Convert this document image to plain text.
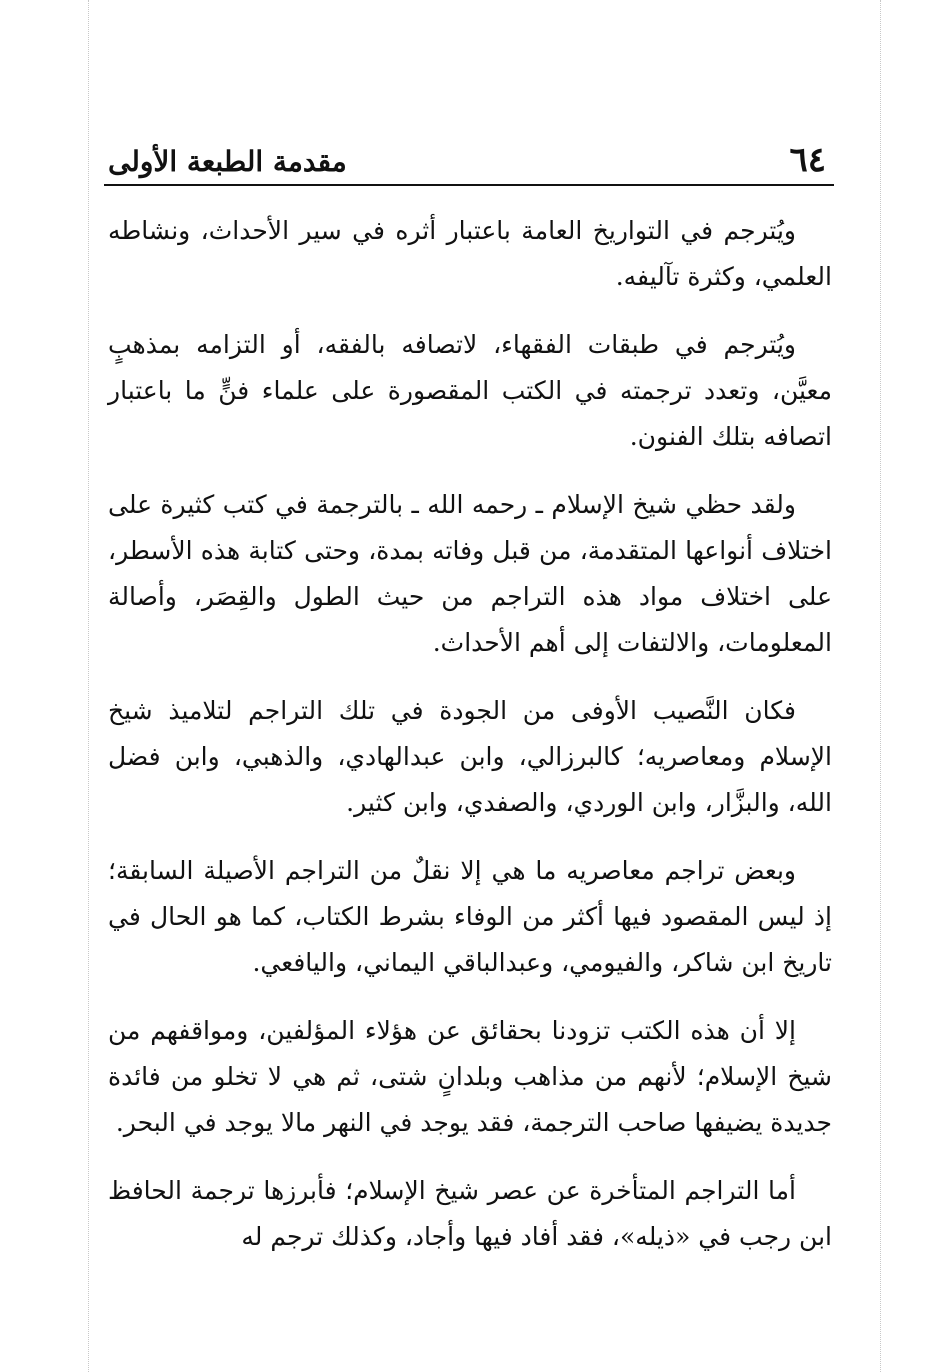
٦٤
مقدمة الطبعة الأولى

ويُترجم في التواريخ العامة باعتبار أثره في سير الأحداث، ونشاطه العلمي، وكثرة تآليفه.

ويُترجم في طبقات الفقهاء، لاتصافه بالفقه، أو التزامه بمذهبٍ معيَّن، وتعدد ترجمته في الكتب المقصورة على علماء فنٍّ ما باعتبار اتصافه بتلك الفنون.

ولقد حظي شيخ الإسلام ـ رحمه الله ـ بالترجمة في كتب كثيرة على اختلاف أنواعها المتقدمة، من قبل وفاته بمدة، وحتى كتابة هذه الأسطر، على اختلاف مواد هذه التراجم من حيث الطول والقِصَر، وأصالة المعلومات، والالتفات إلى أهم الأحداث.

فكان النَّصيب الأوفى من الجودة في تلك التراجم لتلاميذ شيخ الإسلام ومعاصريه؛ كالبرزالي، وابن عبدالهادي، والذهبي، وابن فضل الله، والبزَّار، وابن الوردي، والصفدي، وابن كثير.

وبعض تراجم معاصريه ما هي إلا نقلٌ من التراجم الأصيلة السابقة؛ إذ ليس المقصود فيها أكثر من الوفاء بشرط الكتاب، كما هو الحال في تاريخ ابن شاكر، والفيومي، وعبدالباقي اليماني، واليافعي.

إلا أن هذه الكتب تزودنا بحقائق عن هؤلاء المؤلفين، ومواقفهم من شيخ الإسلام؛ لأنهم من مذاهب وبلدانٍ شتى، ثم هي لا تخلو من فائدة جديدة يضيفها صاحب الترجمة، فقد يوجد في النهر مالا يوجد في البحر.

أما التراجم المتأخرة عن عصر شيخ الإسلام؛ فأبرزها ترجمة الحافظ ابن رجب في «ذيله»، فقد أفاد فيها وأجاد، وكذلك ترجم له
